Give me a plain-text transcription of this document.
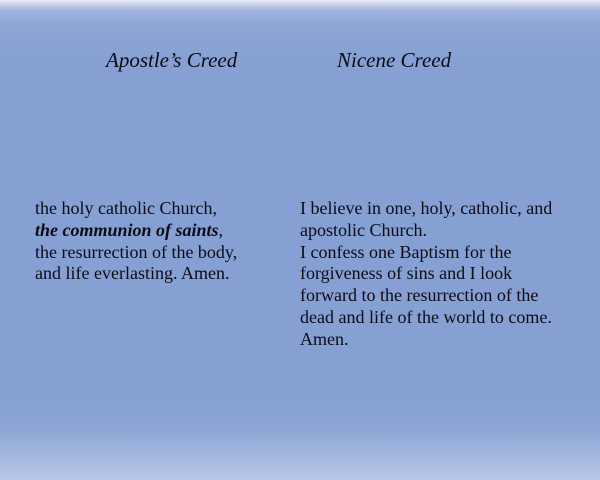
Apostle’s Creed	Nicene Creed
the holy catholic Church,
the communion of saints,
the resurrection of the body,
and life everlasting. Amen.
I believe in one, holy, catholic, and
apostolic Church.
I confess one Baptism for the
forgiveness of sins and I look
forward to the resurrection of the
dead and life of the world to come.
Amen.
